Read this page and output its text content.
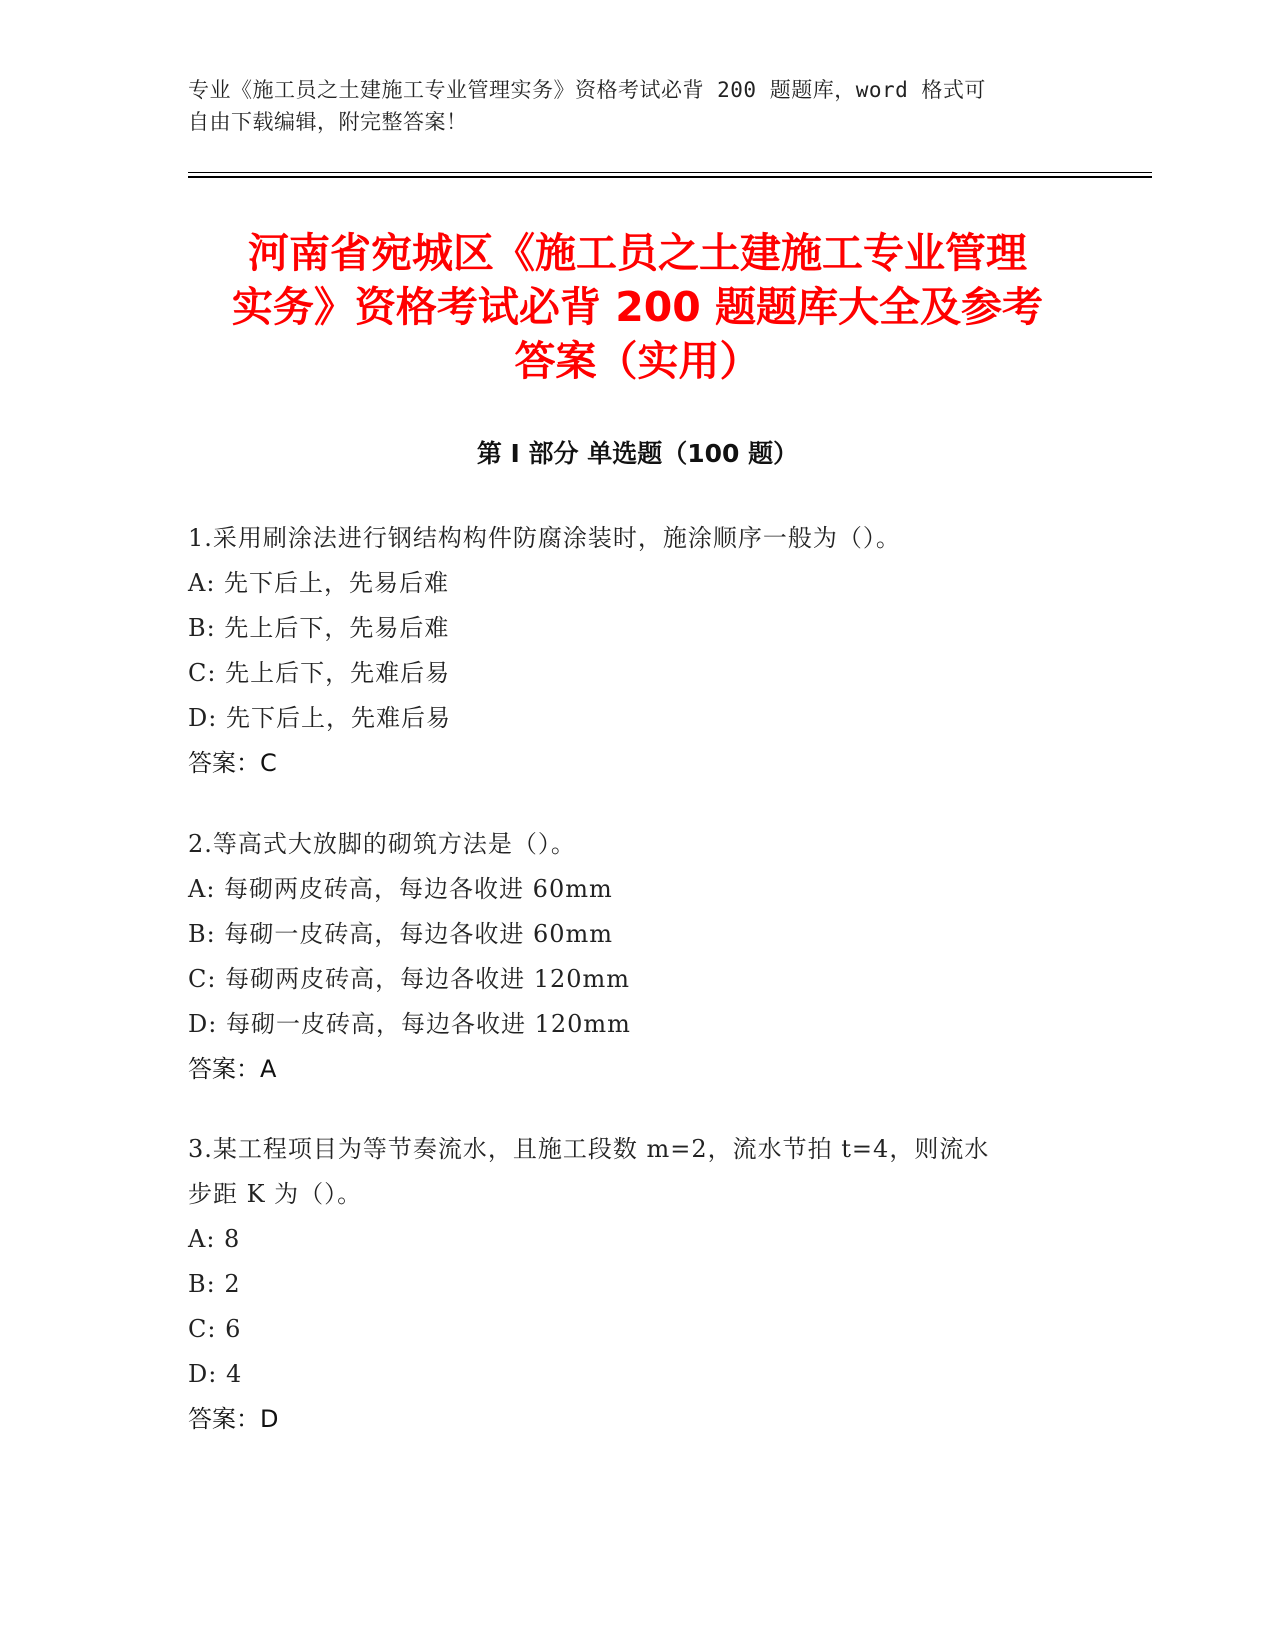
专业《施工员之土建施工专业管理实务》资格考试必背 200 题题库，word 格式可
自由下载编辑，附完整答案！
河南省宛城区《施工员之土建施工专业管理
实务》资格考试必背 200 题题库大全及参考
答案（实用）
第 I 部分 单选题（100 题）
1.采用刷涂法进行钢结构构件防腐涂装时，施涂顺序一般为（）。
A: 先下后上，先易后难
B: 先上后下，先易后难
C: 先上后下，先难后易
D: 先下后上，先难后易
答案：C
2.等高式大放脚的砌筑方法是（）。
A: 每砌两皮砖高，每边各收进 60mm
B: 每砌一皮砖高，每边各收进 60mm
C: 每砌两皮砖高，每边各收进 120mm
D: 每砌一皮砖高，每边各收进 120mm
答案：A
3.某工程项目为等节奏流水，且施工段数 m=2，流水节拍 t=4，则流水
步距 K 为（）。
A: 8
B: 2
C: 6
D: 4
答案：D
